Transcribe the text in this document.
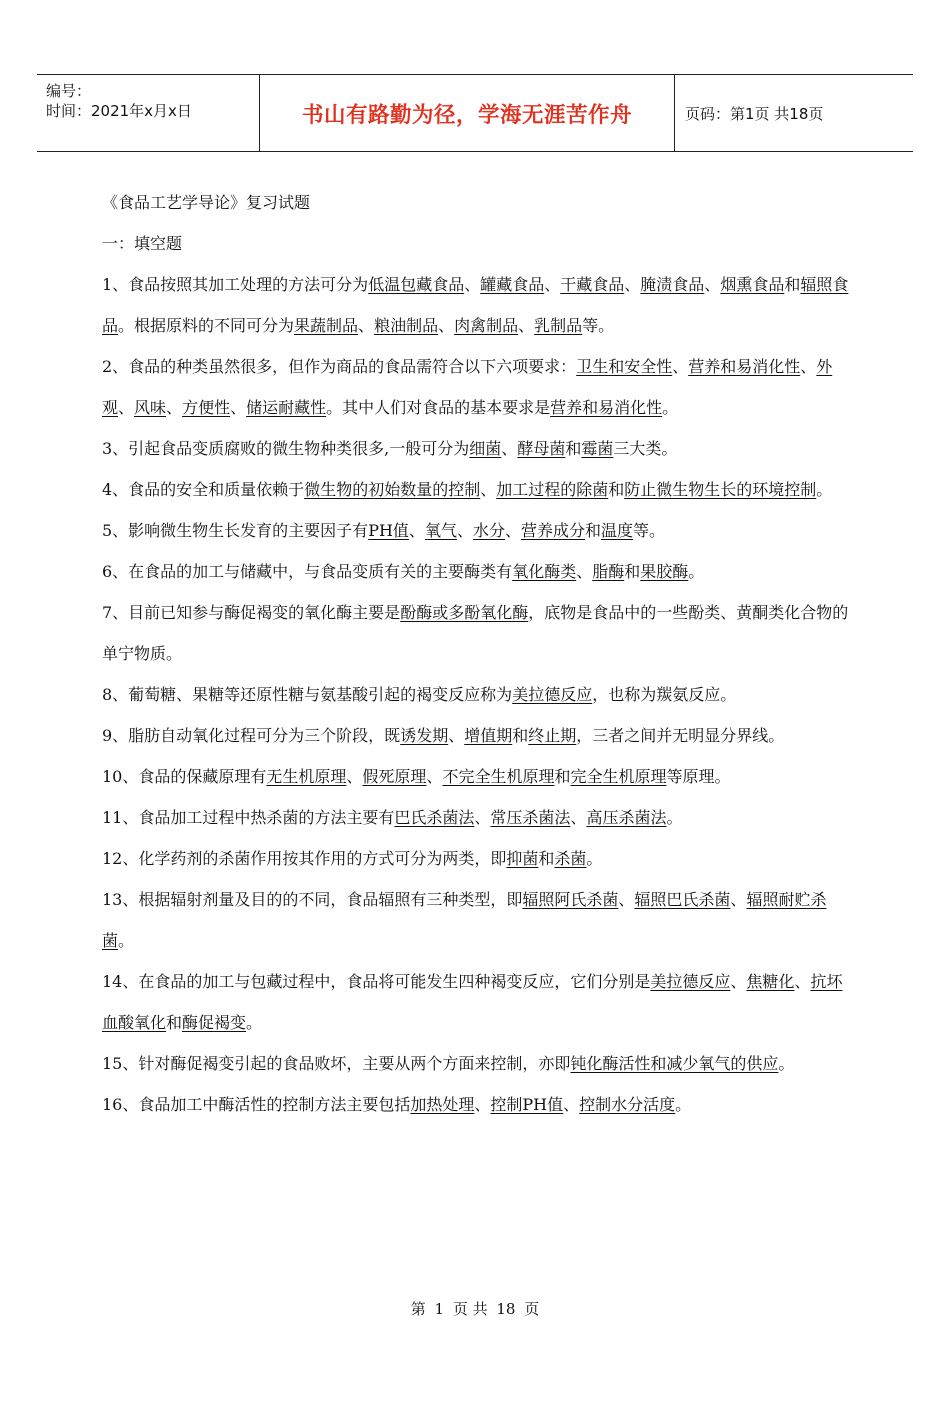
编号：
时间：2021年x月x日	书山有路勤为径，学海无涯苦作舟	页码：第1页 共18页

《食品工艺学导论》复习试题

一：填空题

1、食品按照其加工处理的方法可分为低温包藏食品、罐藏食品、干藏食品、腌渍食品、烟熏食品和辐照食品。根据原料的不同可分为果蔬制品、粮油制品、肉禽制品、乳制品等。

2、食品的种类虽然很多，但作为商品的食品需符合以下六项要求：卫生和安全性、营养和易消化性、外观、风味、方便性、储运耐藏性。其中人们对食品的基本要求是营养和易消化性。

3、引起食品变质腐败的微生物种类很多,一般可分为细菌、酵母菌和霉菌三大类。

4、食品的安全和质量依赖于微生物的初始数量的控制、加工过程的除菌和防止微生物生长的环境控制。

5、影响微生物生长发育的主要因子有PH值、氧气、水分、营养成分和温度等。

6、在食品的加工与储藏中，与食品变质有关的主要酶类有氧化酶类、脂酶和果胶酶。

7、目前已知参与酶促褐变的氧化酶主要是酚酶或多酚氧化酶，底物是食品中的一些酚类、黄酮类化合物的单宁物质。

8、葡萄糖、果糖等还原性糖与氨基酸引起的褐变反应称为美拉德反应，也称为羰氨反应。

9、脂肪自动氧化过程可分为三个阶段，既诱发期、增值期和终止期，三者之间并无明显分界线。

10、食品的保藏原理有无生机原理、假死原理、不完全生机原理和完全生机原理等原理。

11、食品加工过程中热杀菌的方法主要有巴氏杀菌法、常压杀菌法、高压杀菌法。

12、化学药剂的杀菌作用按其作用的方式可分为两类，即抑菌和杀菌。

13、根据辐射剂量及目的的不同，食品辐照有三种类型，即辐照阿氏杀菌、辐照巴氏杀菌、辐照耐贮杀菌。

14、在食品的加工与包藏过程中，食品将可能发生四种褐变反应，它们分别是美拉德反应、焦糖化、抗坏血酸氧化和酶促褐变。

15、针对酶促褐变引起的食品败坏，主要从两个方面来控制，亦即钝化酶活性和减少氧气的供应。

16、食品加工中酶活性的控制方法主要包括加热处理、控制PH值、控制水分活度。

第 1 页 共 18 页
